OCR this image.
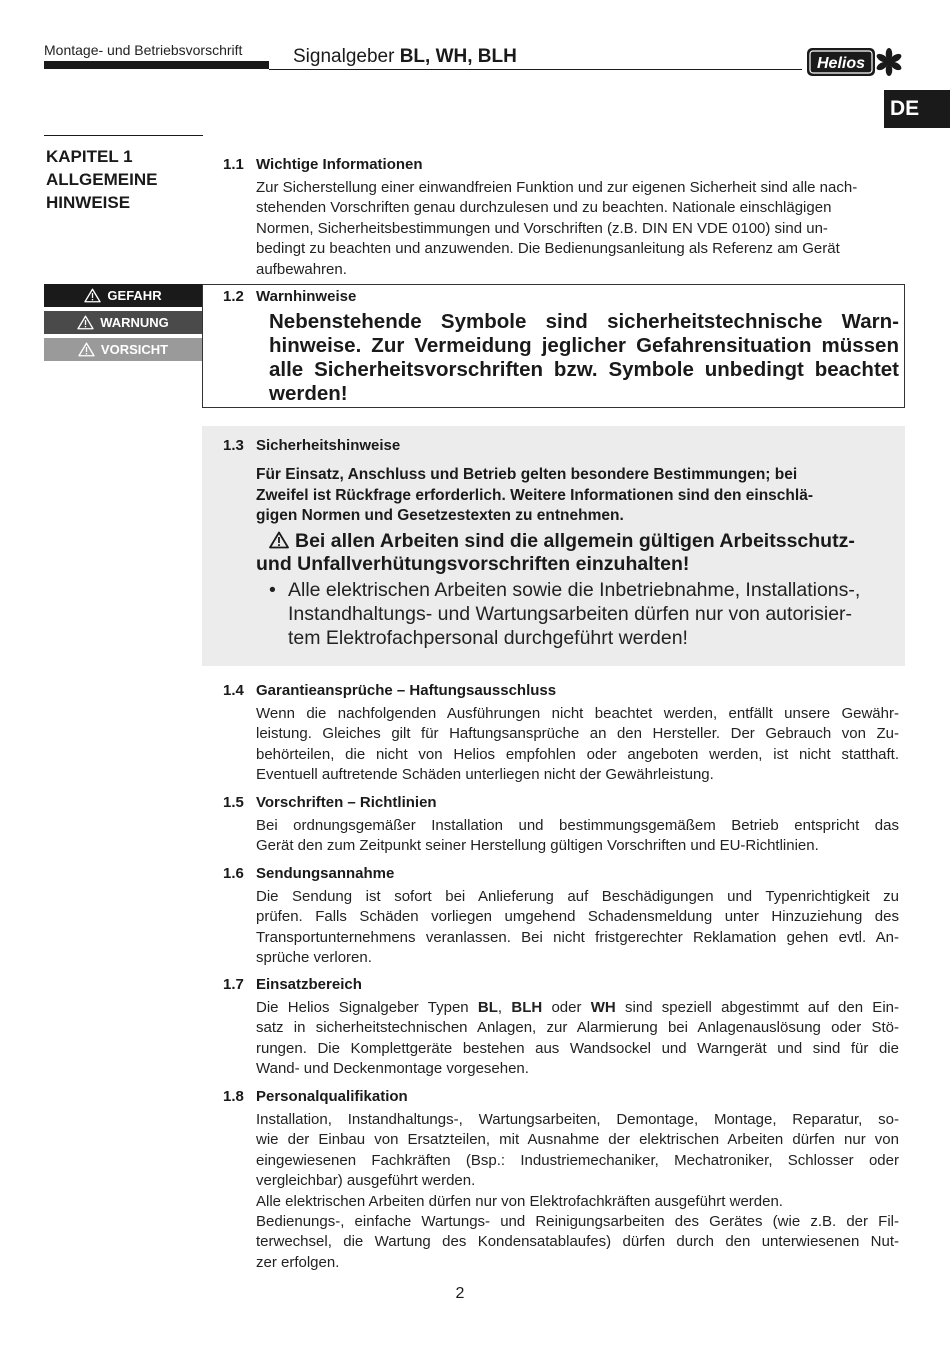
Montage- und Betriebsvorschrift	Signalgeber BL, WH, BLH	Helios
DE
KAPITEL 1
ALLGEMEINE
HINWEISE
GEFAHR
WARNUNG
VORSICHT
1.1 Wichtige Informationen
Zur Sicherstellung einer einwandfreien Funktion und zur eigenen Sicherheit sind alle nach-
stehenden Vorschriften genau durchzulesen und zu beachten. Nationale einschlägigen
Normen, Sicherheitsbestimmungen und Vorschriften (z.B. DIN EN VDE 0100) sind un-
bedingt zu beachten und anzuwenden. Die Bedienungsanleitung als Referenz am Gerät
aufbewahren.
1.2 Warnhinweise
Nebenstehende Symbole sind sicherheitstechnische Warn-
hinweise. Zur Vermeidung jeglicher Gefahrensituation müssen
alle Sicherheitsvorschriften bzw. Symbole unbedingt beachtet
werden!
1.3 Sicherheitshinweise
Für Einsatz, Anschluss und Betrieb gelten besondere Bestimmungen; bei
Zweifel ist Rückfrage erforderlich. Weitere Informationen sind den einschlä-
gigen Normen und Gesetzestexten zu entnehmen.
Bei allen Arbeiten sind die allgemein gültigen Arbeitsschutz-
und Unfallverhütungsvorschriften einzuhalten!
• Alle elektrischen Arbeiten sowie die Inbetriebnahme, Installations-,
Instandhaltungs- und Wartungsarbeiten dürfen nur von autorisier-
tem Elektrofachpersonal durchgeführt werden!
1.4 Garantieansprüche – Haftungsausschluss
Wenn die nachfolgenden Ausführungen nicht beachtet werden, entfällt unsere Gewähr-
leistung. Gleiches gilt für Haftungsansprüche an den Hersteller. Der Gebrauch von Zu-
behörteilen, die nicht von Helios empfohlen oder angeboten werden, ist nicht statthaft.
Eventuell auftretende Schäden unterliegen nicht der Gewährleistung.
1.5 Vorschriften – Richtlinien
Bei ordnungsgemäßer Installation und bestimmungsgemäßem Betrieb entspricht das
Gerät den zum Zeitpunkt seiner Herstellung gültigen Vorschriften und EU-Richtlinien.
1.6 Sendungsannahme
Die Sendung ist sofort bei Anlieferung auf Beschädigungen und Typenrichtigkeit zu
prüfen. Falls Schäden vorliegen umgehend Schadensmeldung unter Hinzuziehung des
Transportunternehmens veranlassen. Bei nicht fristgerechter Reklamation gehen evtl. An-
sprüche verloren.
1.7 Einsatzbereich
Die Helios Signalgeber Typen BL, BLH oder WH sind speziell abgestimmt auf den Ein-
satz in sicherheitstechnischen Anlagen, zur Alarmierung bei Anlagenauslösung oder Stö-
rungen. Die Komplettgeräte bestehen aus Wandsockel und Warngerät und sind für die
Wand- und Deckenmontage vorgesehen.
1.8 Personalqualifikation
Installation, Instandhaltungs-, Wartungsarbeiten, Demontage, Montage, Reparatur, so-
wie der Einbau von Ersatzteilen, mit Ausnahme der elektrischen Arbeiten dürfen nur von
eingewiesenen Fachkräften (Bsp.: Industriemechaniker, Mechatroniker, Schlosser oder
vergleichbar) ausgeführt werden.
Alle elektrischen Arbeiten dürfen nur von Elektrofachkräften ausgeführt werden.
Bedienungs-, einfache Wartungs- und Reinigungsarbeiten des Gerätes (wie z.B. der Fil-
terwechsel, die Wartung des Kondensatablaufes) dürfen durch den unterwiesenen Nut-
zer erfolgen.
2
